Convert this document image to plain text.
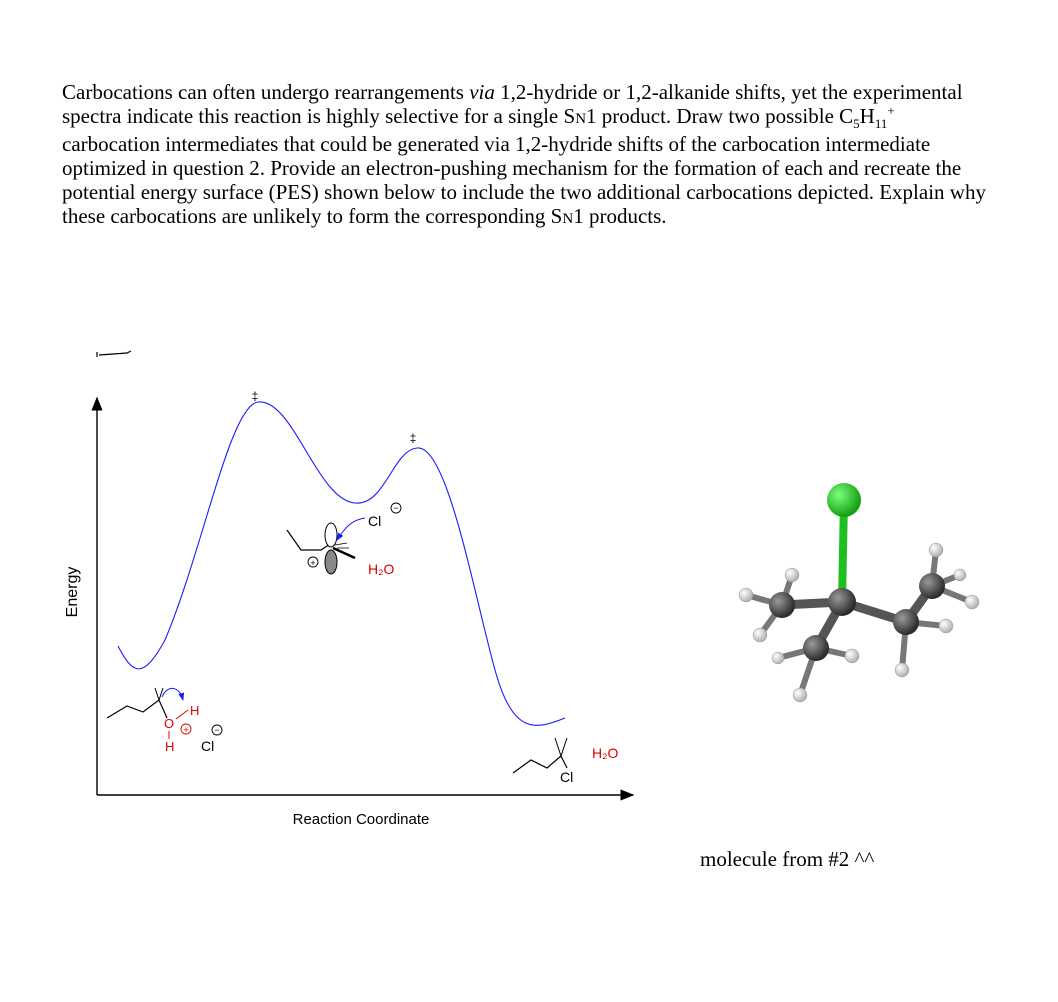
Carbocations can often undergo rearrangements via 1,2-hydride or 1,2-alkanide shifts, yet the experimental spectra indicate this reaction is highly selective for a single SN1 product. Draw two possible $C_5H_{11}^+$ carbocation intermediates that could be generated via 1,2-hydride shifts of the carbocation intermediate optimized in question 2. Provide an electron-pushing mechanism for the formation of each and recreate the potential energy surface (PES) shown below to include the two additional carbocations depicted. Explain why these carbocations are unlikely to form the corresponding SN1 products.
Energy
Reaction Coordinate
‡
‡
O
H
H
+
Cl
−
+
Cl
−
H₂O
Cl
H₂O
molecule from #2 ^^
